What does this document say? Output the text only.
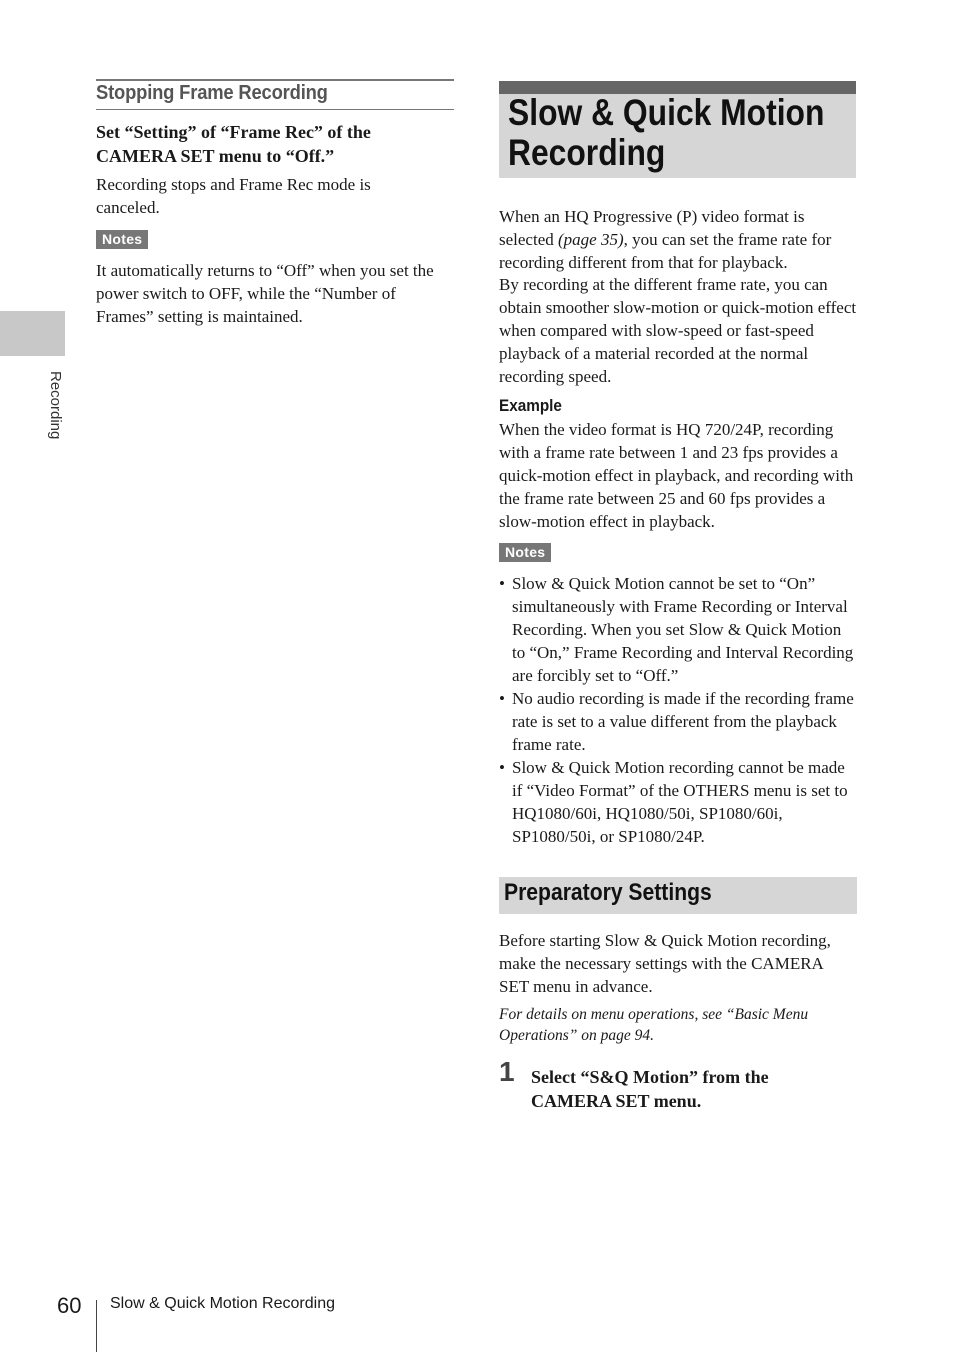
Recording
Stopping Frame Recording
Set “Setting” of “Frame Rec” of the CAMERA SET menu to “Off.”
Recording stops and Frame Rec mode is canceled.
Notes
It automatically returns to “Off” when you set the power switch to OFF, while the “Number of Frames” setting is maintained.
Slow & Quick Motion Recording
When an HQ Progressive (P) video format is selected (page 35), you can set the frame rate for recording different from that for playback.
By recording at the different frame rate, you can obtain smoother slow-motion or quick-motion effect when compared with slow-speed or fast-speed playback of a material recorded at the normal recording speed.
Example
When the video format is HQ 720/24P, recording with a frame rate between 1 and 23 fps provides a quick-motion effect in playback, and recording with the frame rate between 25 and 60 fps provides a slow-motion effect in playback.
Notes
• Slow & Quick Motion cannot be set to “On” simultaneously with Frame Recording or Interval Recording. When you set Slow & Quick Motion to “On,” Frame Recording and Interval Recording are forcibly set to “Off.”
• No audio recording is made if the recording frame rate is set to a value different from the playback frame rate.
• Slow & Quick Motion recording cannot be made if “Video Format” of the OTHERS menu is set to HQ1080/60i, HQ1080/50i, SP1080/60i, SP1080/50i, or SP1080/24P.
Preparatory Settings
Before starting Slow & Quick Motion recording, make the necessary settings with the CAMERA SET menu in advance.
For details on menu operations, see “Basic Menu Operations” on page 94.
1 Select “S&Q Motion” from the CAMERA SET menu.
60 Slow & Quick Motion Recording
